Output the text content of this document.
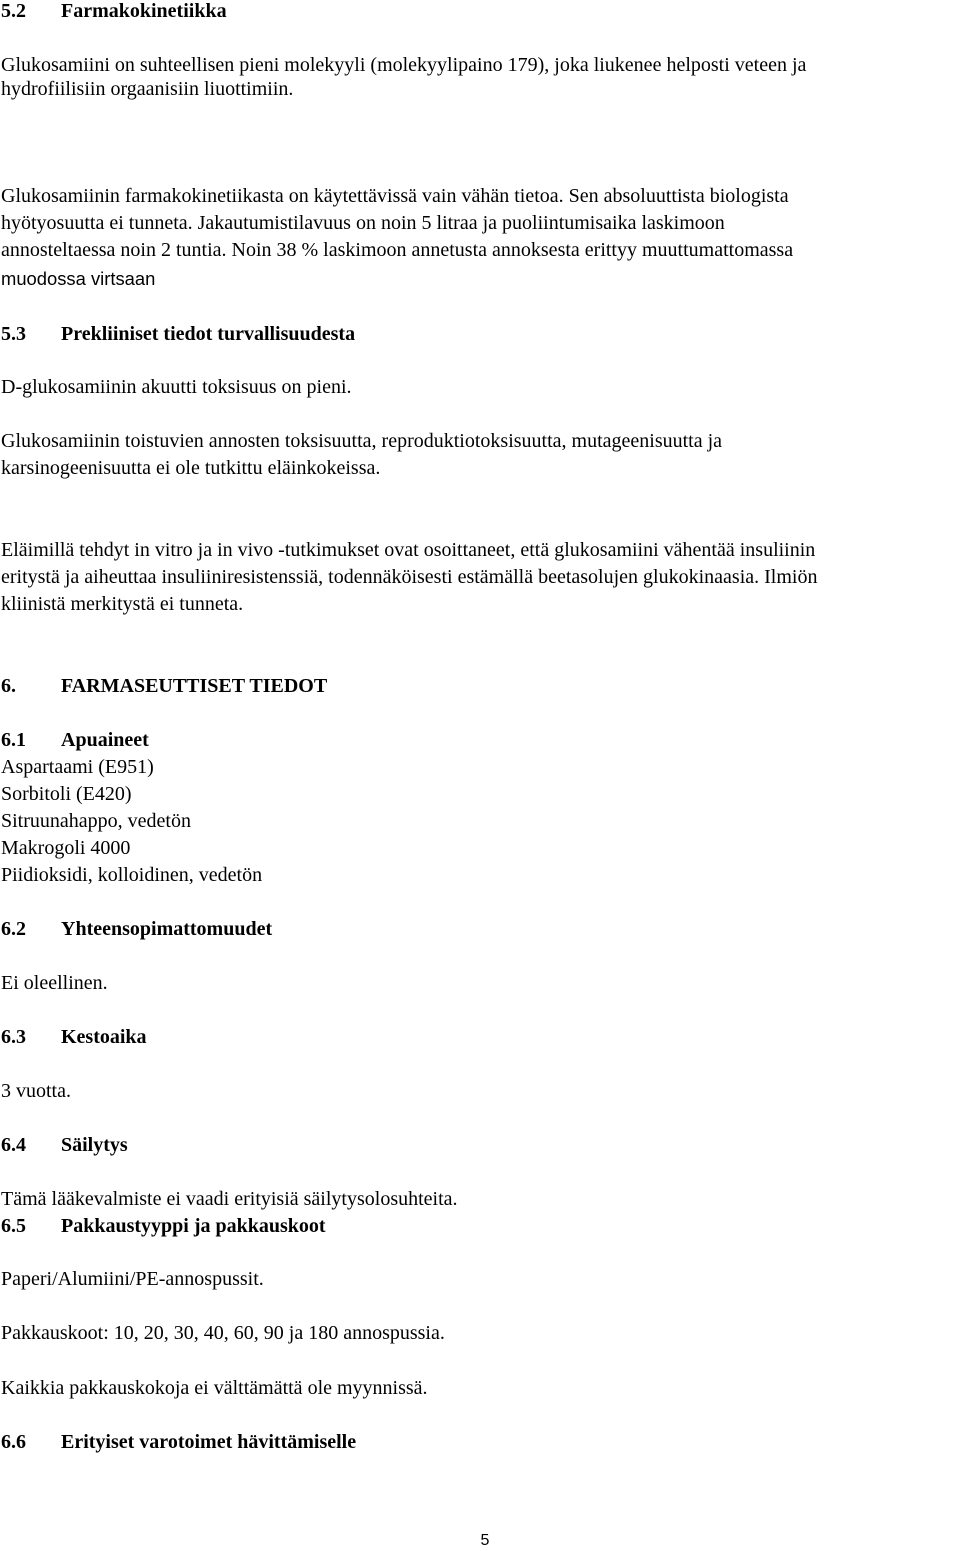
5.2 Farmakokinetiikka
Glukosamiini on suhteellisen pieni molekyyli (molekyylipaino 179), joka liukenee helposti veteen ja
hydrofiilisiin orgaanisiin liuottimiin.
Glukosamiinin farmakokinetiikasta on käytettävissä vain vähän tietoa. Sen absoluuttista biologista
hyötyosuutta ei tunneta. Jakautumistilavuus on noin 5 litraa ja puoliintumisaika laskimoon
annosteltaessa noin 2 tuntia. Noin 38 % laskimoon annetusta annoksesta erittyy muuttumattomassa
muodossa virtsaan
5.3 Prekliiniset tiedot turvallisuudesta
D-glukosamiinin akuutti toksisuus on pieni.
Glukosamiinin toistuvien annosten toksisuutta, reproduktiotoksisuutta, mutageenisuutta ja
karsinogeenisuutta ei ole tutkittu eläinkokeissa.
Eläimillä tehdyt in vitro ja in vivo -tutkimukset ovat osoittaneet, että glukosamiini vähentää insuliinin
eritystä ja aiheuttaa insuliiniresistenssiä, todennäköisesti estämällä beetasolujen glukokinaasia. Ilmiön
kliinistä merkitystä ei tunneta.
6. FARMASEUTTISET TIEDOT
6.1 Apuaineet
Aspartaami (E951)
Sorbitoli (E420)
Sitruunahappo, vedetön
Makrogoli 4000
Piidioksidi, kolloidinen, vedetön
6.2 Yhteensopimattomuudet
Ei oleellinen.
6.3 Kestoaika
3 vuotta.
6.4 Säilytys
Tämä lääkevalmiste ei vaadi erityisiä säilytysolosuhteita.
6.5 Pakkaustyyppi ja pakkauskoot
Paperi/Alumiini/PE-annospussit.
Pakkauskoot: 10, 20, 30, 40, 60, 90 ja 180 annospussia.
Kaikkia pakkauskokoja ei välttämättä ole myynnissä.
6.6 Erityiset varotoimet hävittämiselle
5
